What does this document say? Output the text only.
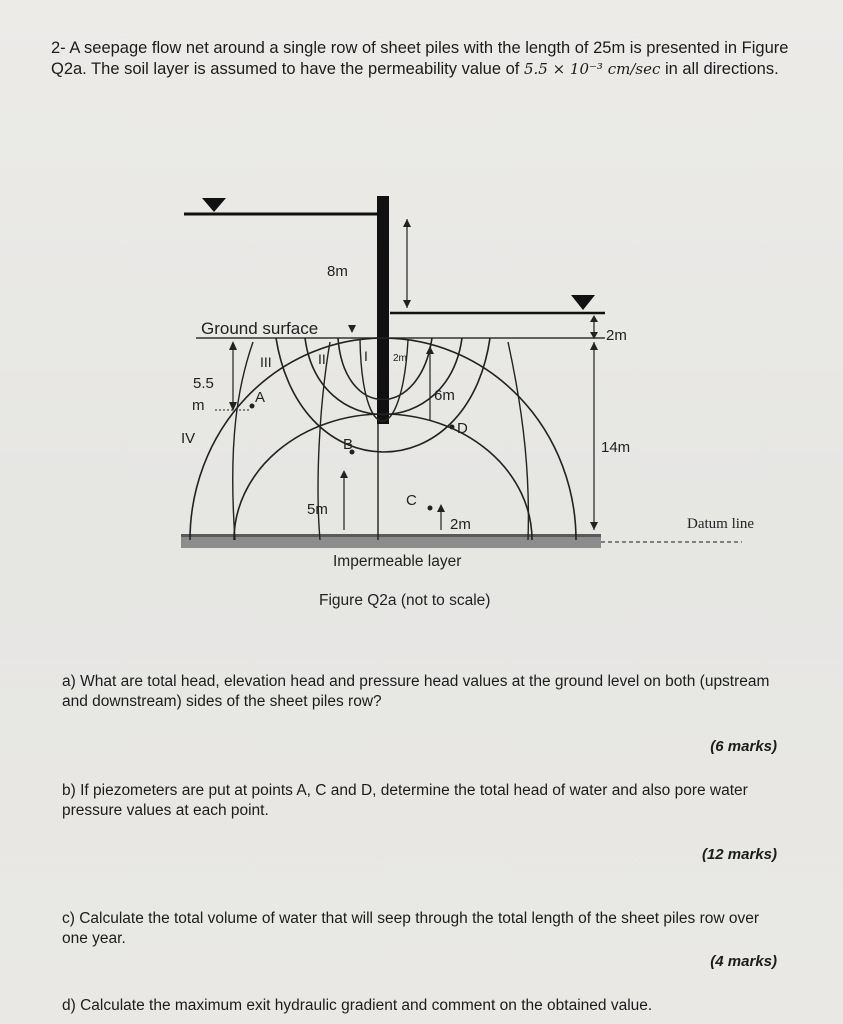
2- A seepage flow net around a single row of sheet piles with the length of 25m is presented in Figure Q2a. The soil layer is assumed to have the permeability value of 5.5 × 10⁻³ cm/sec in all directions.
8m
Ground surface	2m
5.5
m
IV
III	II	I	2m
A	6m
D
B	14m
C
5m
2m	Datum line
Impermeable layer
Figure Q2a (not to scale)
a) What are total head, elevation head and pressure head values at the ground level on both (upstream and downstream) sides of the sheet piles row?
(6 marks)
b) If piezometers are put at points A, C and D, determine the total head of water and also pore water pressure values at each point.
(12 marks)
c) Calculate the total volume of water that will seep through the total length of the sheet piles row over one year.
(4 marks)
d) Calculate the maximum exit hydraulic gradient and comment on the obtained value.
